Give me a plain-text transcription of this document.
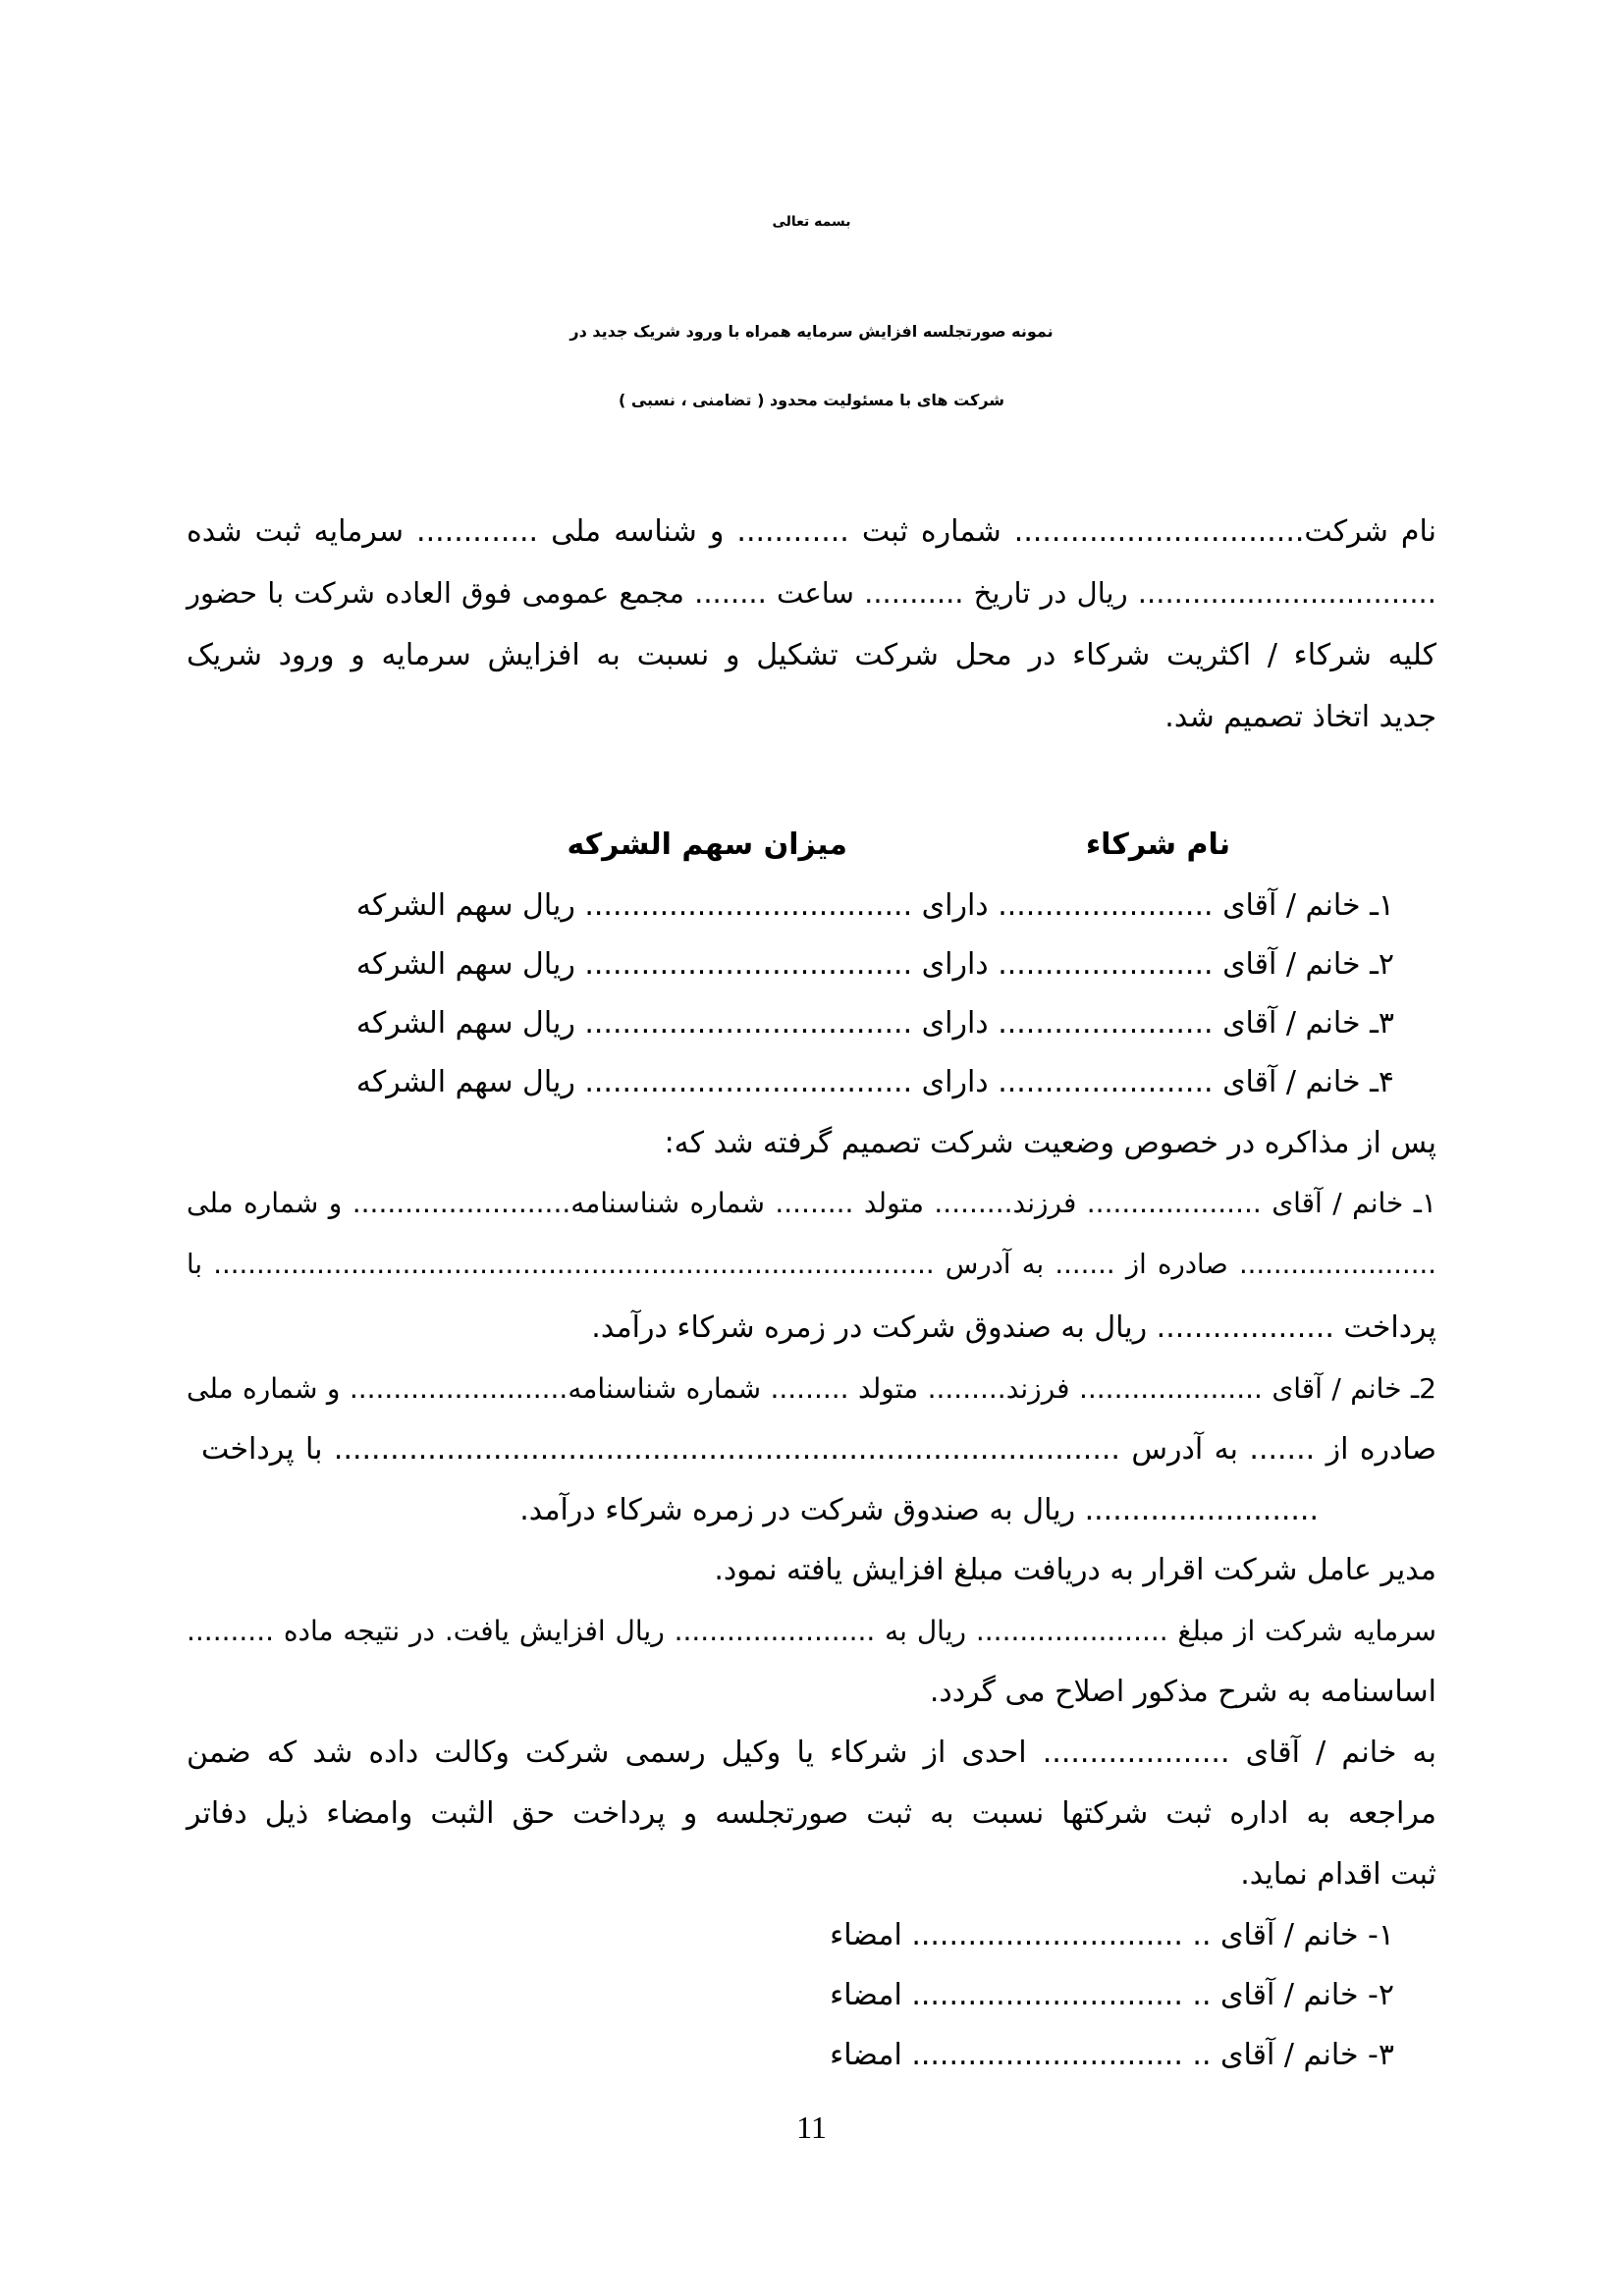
بسمه تعالی
نمونه صورتجلسه افزایش سرمایه همراه با ورود شریک جدید در
شرکت های با مسئولیت محدود ( تضامنی ، نسبی )
نام شرکت............................... شماره ثبت ............ و شناسه ملی ............. سرمایه ثبت شده
................................. ریال در تاریخ ........... ساعت ........ مجمع عمومی فوق العاده شرکت با حضور
کلیه شرکاء / اکثریت شرکاء در محل شرکت تشکیل و نسبت به افزایش سرمایه و ورود شریک
جدید اتخاذ تصمیم شد.
نام شرکاء
میزان سهم الشرکه
۱ـ خانم / آقای ....................... دارای ................................... ریال سهم الشرکه
۲ـ خانم / آقای ....................... دارای ................................... ریال سهم الشرکه
۳ـ خانم / آقای ....................... دارای ................................... ریال سهم الشرکه
۴ـ خانم / آقای ....................... دارای ................................... ریال سهم الشرکه
پس از مذاکره در خصوص وضعیت شرکت تصمیم گرفته شد که:
۱ـ خانم / آقای .................... فرزند......... متولد ......... شماره شناسنامه......................... و شماره ملی
....................... صادره از ....... به آدرس .................................................................................... با
پرداخت ................... ریال به صندوق شرکت در زمره شرکاء درآمد.
2ـ خانم / آقای ..................... فرزند......... متولد ......... شماره شناسنامه......................... و شماره ملی
صادره از ....... به آدرس .................................................................................... با پرداخت
......................... ریال به صندوق شرکت در زمره شرکاء درآمد.
مدیر عامل شرکت اقرار به دریافت مبلغ افزایش یافته نمود.
سرمایه شرکت از مبلغ ...................... ریال به ....................... ریال افزایش یافت. در نتیجه ماده ..........
اساسنامه به شرح مذکور اصلاح می گردد.
به خانم / آقای .................... احدی از شرکاء یا وکیل رسمی شرکت وکالت داده شد که ضمن
مراجعه به اداره ثبت شرکتها نسبت به ثبت صورتجلسه و پرداخت حق الثبت وامضاء ذیل دفاتر
ثبت اقدام نماید.
۱- خانم / آقای .. ............................. امضاء
۲- خانم / آقای .. ............................. امضاء
۳- خانم / آقای .. ............................. امضاء
11
